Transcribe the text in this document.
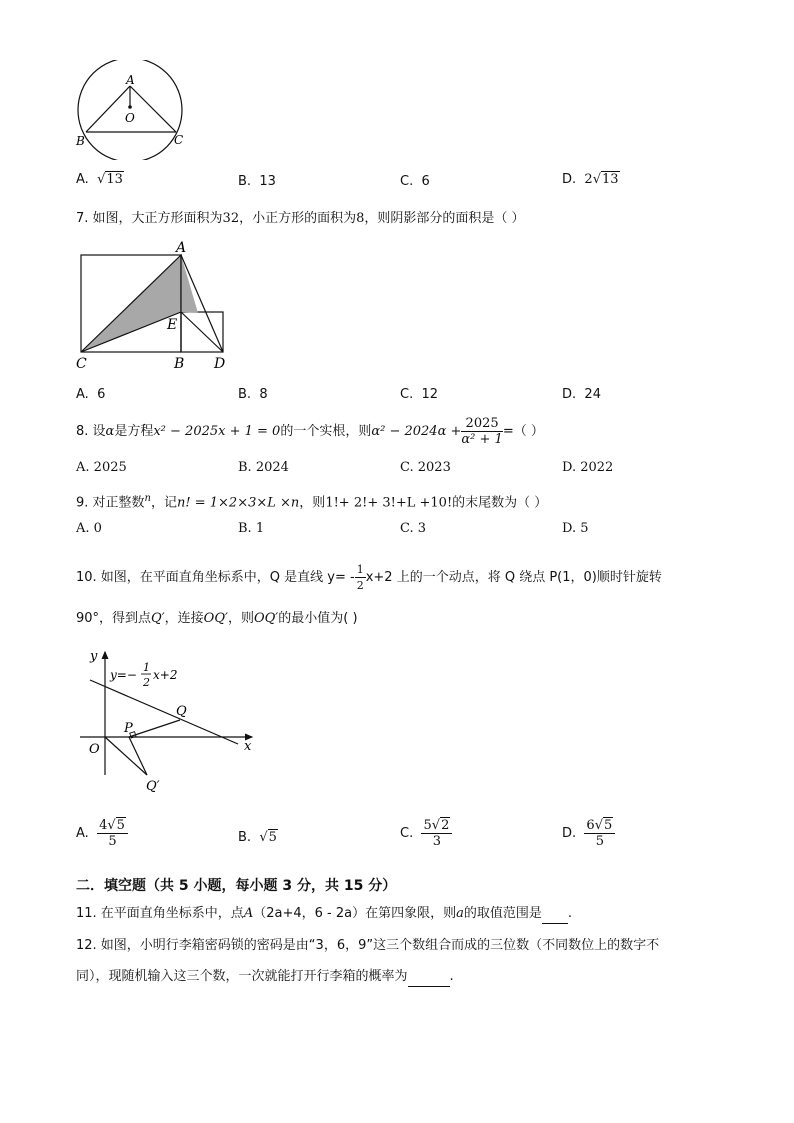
A
O
B	C
A. √13	B. 13	C. 6	D. 2√13
7. 如图，大正方形面积为32，小正方形的面积为8，则阴影部分的面积是（ ）
A
E
C	B D
A. 6	B. 8	C. 12	D. 24
8. 设α是方程x² − 2025x + 1 = 0的一个实根，则$\alpha^2 - 2024\alpha + \frac{2025}{\text{α² + 1}}$ =（ ）
A. 2025	B. 2024	C. 2023	D. 2022
9. 对正整数$^n$，记n! = 1×2×3×L ×n，则1!+ 2!+ 3!+L +10!的末尾数为（ ）
A. 0	B. 1	C. 3	D. 5
10. 如图，在平面直角坐标系中，Q 是直线 $y= - \frac{1}{2} x+2$ 上的一个动点，将 Q 绕点 P(1，0)顺时针旋转
90°，得到点Q′，连接OQ′，则OQ′的最小值为( )
y
x
O
P
Q
Q′
y=−
1
2
x+2
A. $\frac{4√5}{5}$	B. √5	C. $\frac{5√2}{3}$	D. $\frac{6√5}{5}$
二．填空题（共 5 小题，每小题 3 分，共 15 分）
11. 在平面直角坐标系中，点A（2a+4，6 - 2a）在第四象限，则a的取值范围是 .
12. 如图，小明行李箱密码锁的密码是由“3，6，9”这三个数组合而成的三位数（不同数位上的数字不
同），现随机输入这三个数，一次就能打开行李箱的概率为	.
